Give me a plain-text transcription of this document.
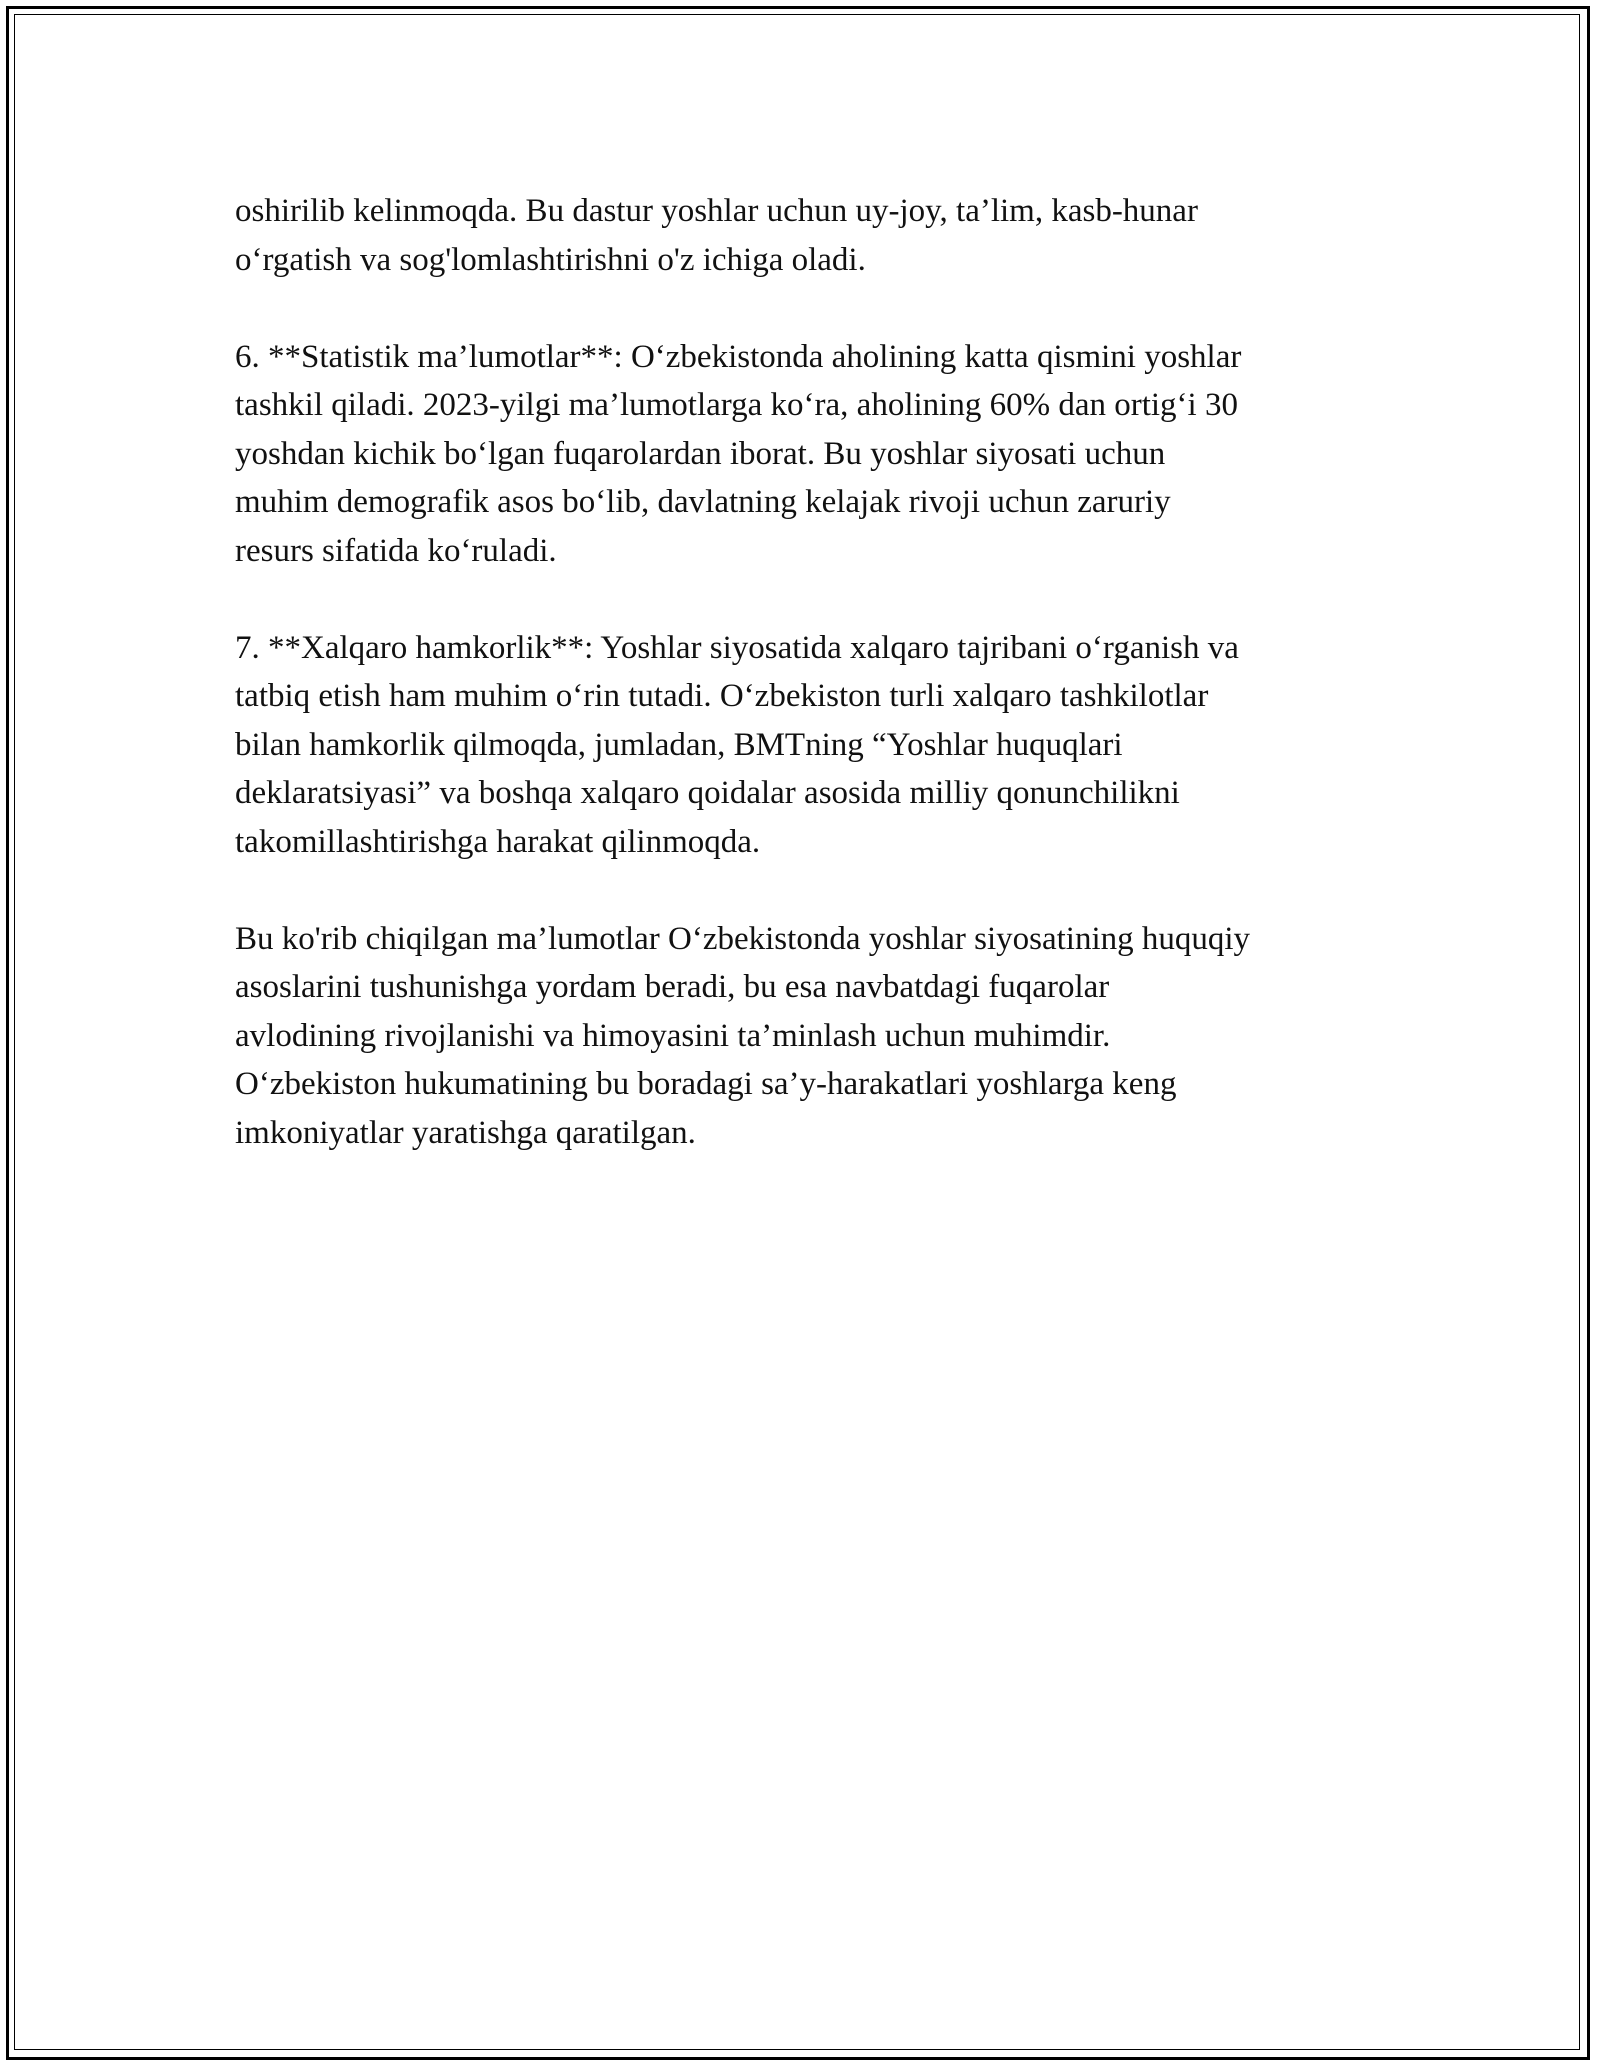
oshirilib kelinmoqda. Bu dastur yoshlar uchun uy-joy, ta’lim, kasb-hunar
o‘rgatish va sog'lomlashtirishni o'z ichiga oladi.

6. **Statistik ma’lumotlar**: O‘zbekistonda aholining katta qismini yoshlar
tashkil qiladi. 2023-yilgi ma’lumotlarga ko‘ra, aholining 60% dan ortig‘i 30
yoshdan kichik bo‘lgan fuqarolardan iborat. Bu yoshlar siyosati uchun
muhim demografik asos bo‘lib, davlatning kelajak rivoji uchun zaruriy
resurs sifatida ko‘ruladi.

7. **Xalqaro hamkorlik**: Yoshlar siyosatida xalqaro tajribani o‘rganish va
tatbiq etish ham muhim o‘rin tutadi. O‘zbekiston turli xalqaro tashkilotlar
bilan hamkorlik qilmoqda, jumladan, BMTning “Yoshlar huquqlari
deklaratsiyasi” va boshqa xalqaro qoidalar asosida milliy qonunchilikni
takomillashtirishga harakat qilinmoqda.

Bu ko'rib chiqilgan ma’lumotlar O‘zbekistonda yoshlar siyosatining huquqiy
asoslarini tushunishga yordam beradi, bu esa navbatdagi fuqarolar
avlodining rivojlanishi va himoyasini ta’minlash uchun muhimdir.
O‘zbekiston hukumatining bu boradagi sa’y-harakatlari yoshlarga keng
imkoniyatlar yaratishga qaratilgan.
